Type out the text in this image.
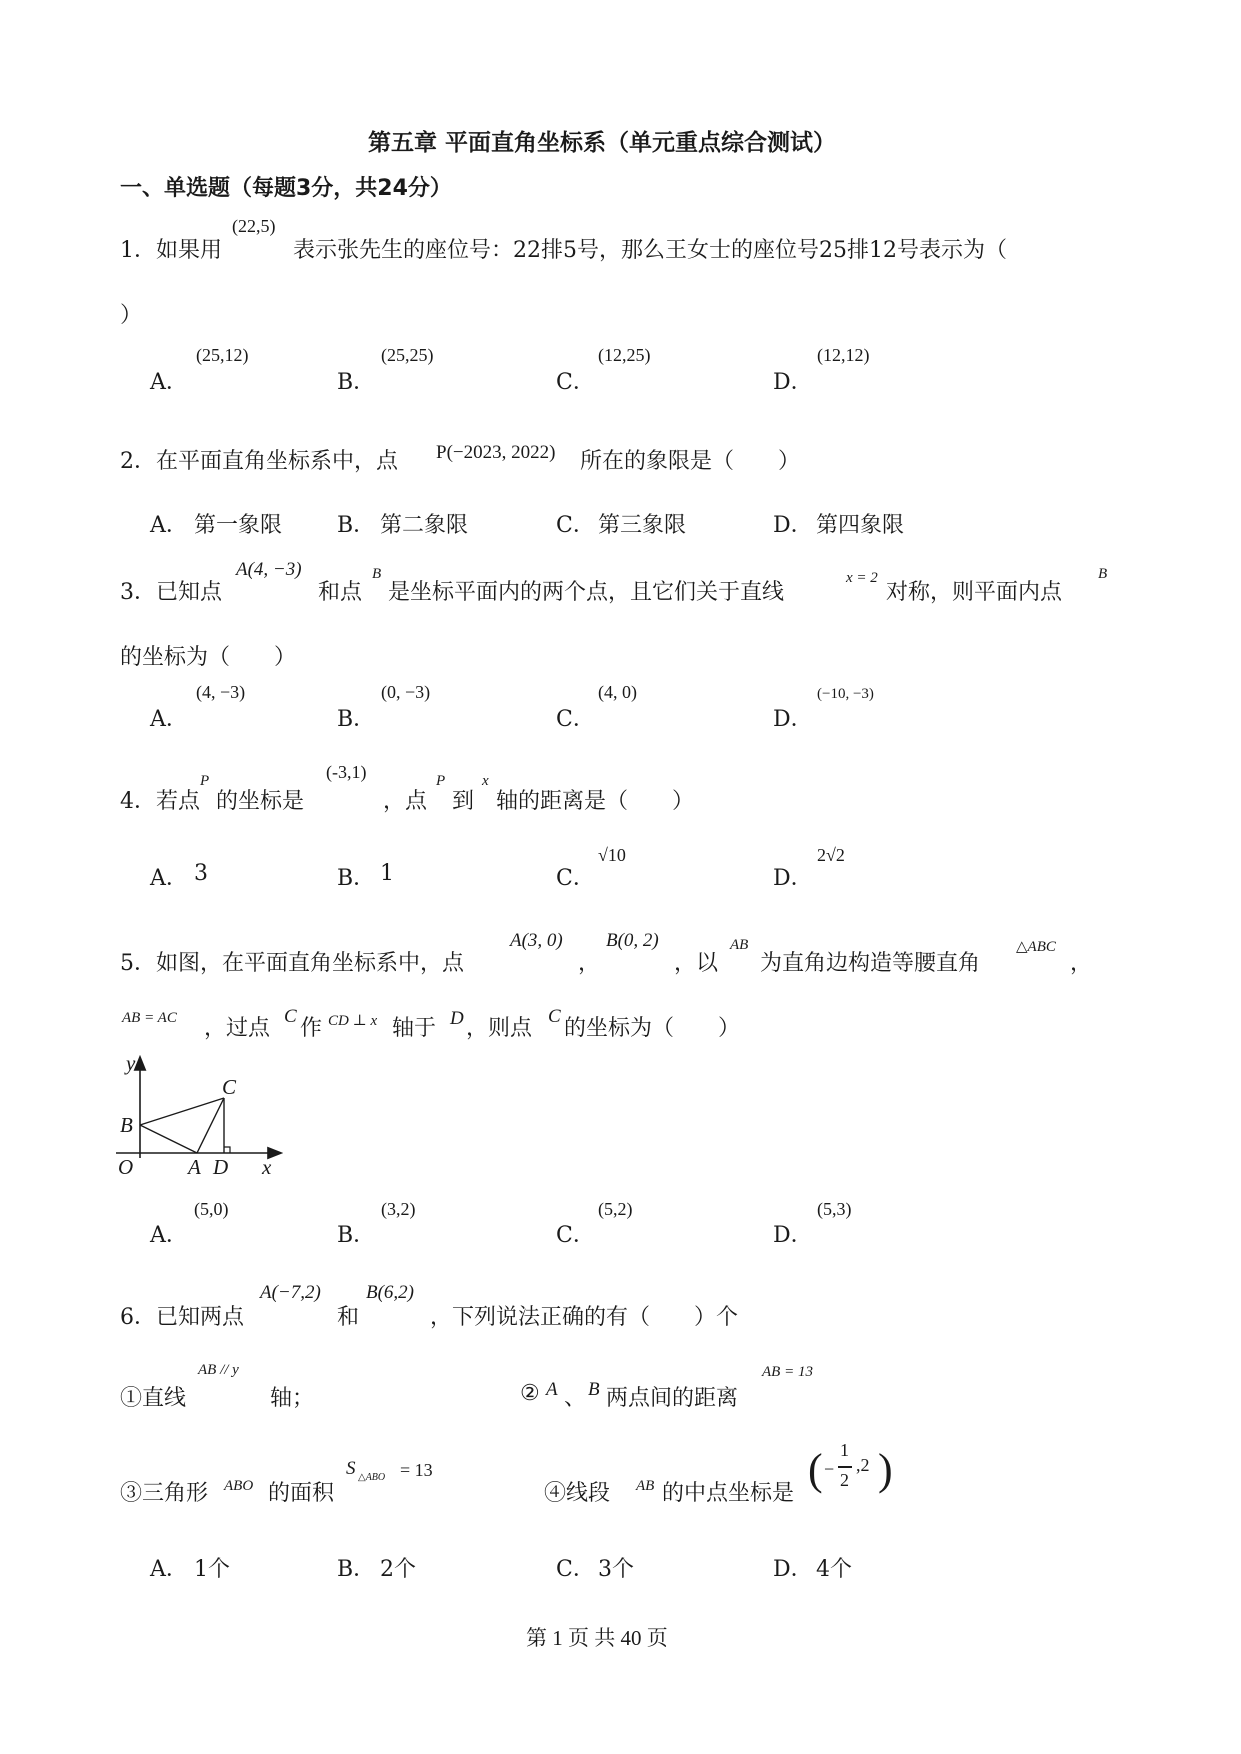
第五章 平面直角坐标系（单元重点综合测试）
一、单选题（每题3分，共24分）
1．如果用
(22,5)
表示张先生的座位号：22排5号，那么王女士的座位号25排12号表示为（
）
A．
(25,12)
B．
(25,25)
C．
(12,25)
D．
(12,12)
2．在平面直角坐标系中，点 P(−2023, 2022) 所在的象限是（　　）
A． 第一象限 B． 第二象限	C． 第三象限	D． 第四象限
3．已知点
A(4, −3)
和点
B
是坐标平面内的两个点，且它们关于直线
x = 2
对称，则平面内点
B
的坐标为（　　）
A．
(4, −3)
B．
(0, −3)
C．
(4, 0)
D．
(−10, −3)
4．若点
P
的坐标是
(-3,1)
，点
P
到
x
轴的距离是（　　）
A． 3	B． 1	C．
√10
D．
2√2
5．如图，在平面直角坐标系中，点
A(3, 0)
，
B(0, 2)
，以
AB
为直角边构造等腰直角
△ABC
，
AB = AC ，过点 C 作 CD ⊥ x 轴于 D ，则点 C 的坐标为（　　）
y
C
B
O	A D x
A．
(5,0)
B．
(3,2)
C．
(5,2)
D．
(5,3)
6．已知两点
A(−7,2)
和
B(6,2)
，下列说法正确的有（　　）个
①直线
AB // y
轴；	② A 、 B 两点间的距离
AB = 13
③三角形 ABO 的面积
S △ABO = 13
④线段 AB 的中点坐标是 ( −
1
2
,2 )
A． 1个	B． 2个	C． 3个	D． 4个
第 1 页 共 40 页
